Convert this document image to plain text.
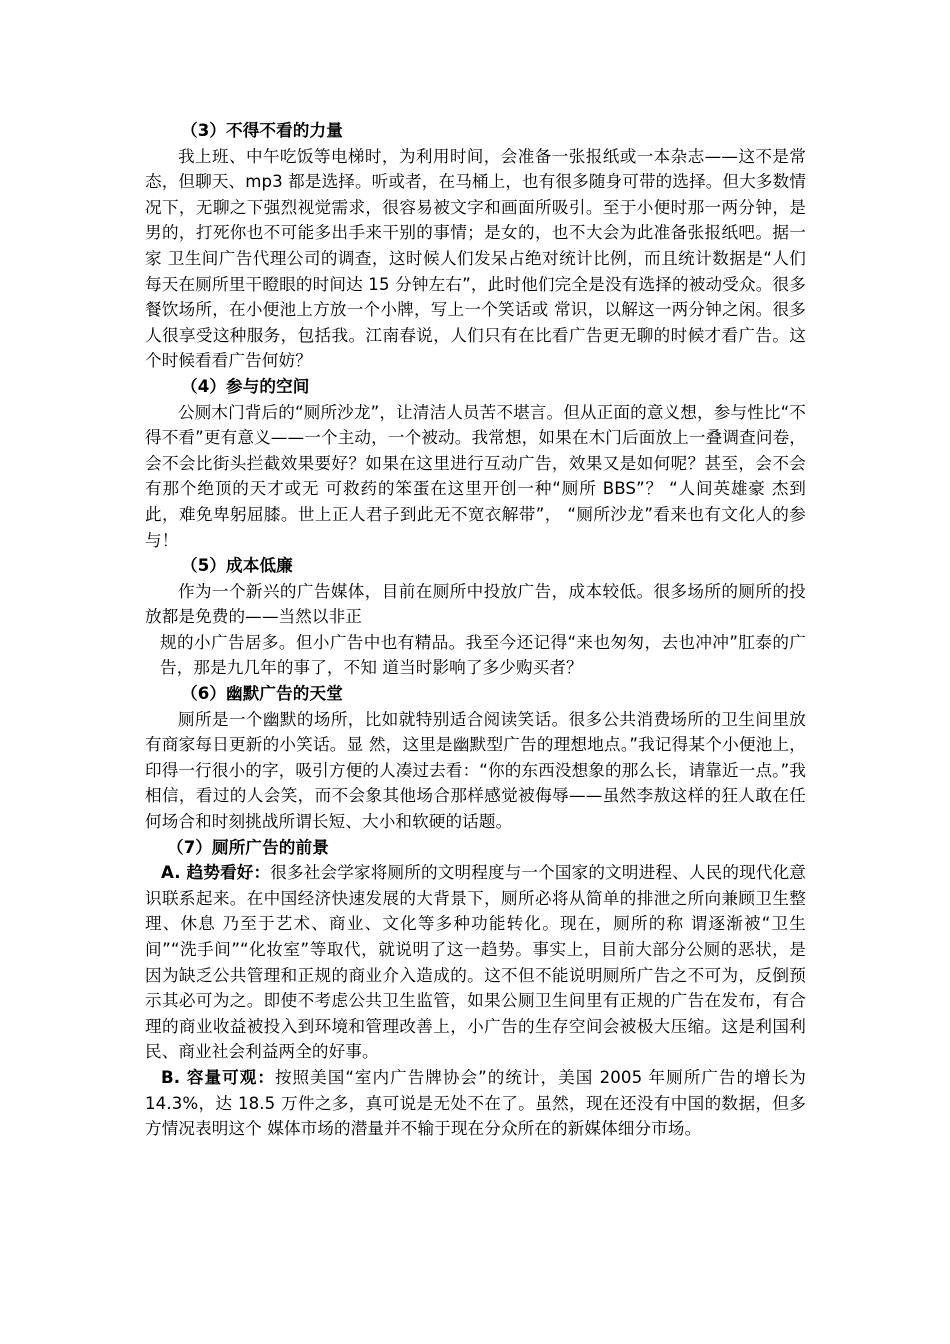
（3）不得不看的力量

我上班、中午吃饭等电梯时，为利用时间，会准备一张报纸或一本杂志——这不是常态，但聊天、mp3 都是选择。听或者，在马桶上，也有很多随身可带的选择。但大多数情况下，无聊之下强烈视觉需求，很容易被文字和画面所吸引。至于小便时那一两分钟，是男的，打死你也不可能多出手来干别的事情；是女的，也不大会为此准备张报纸吧。据一家 卫生间广告代理公司的调查，这时候人们发呆占绝对统计比例，而且统计数据是“人们每天在厕所里干瞪眼的时间达 15 分钟左右”，此时他们完全是没有选择的被动受众。很多餐饮场所，在小便池上方放一个小牌，写上一个笑话或 常识，以解这一两分钟之闲。很多人很享受这种服务，包括我。江南春说，人们只有在比看广告更无聊的时候才看广告。这个时候看看广告何妨？

（4）参与的空间

公厕木门背后的“厕所沙龙”，让清洁人员苦不堪言。但从正面的意义想，参与性比“不得不看”更有意义——一个主动，一个被动。我常想，如果在木门后面放上一叠调查问卷，会不会比街头拦截效果要好？如果在这里进行互动广告，效果又是如何呢？甚至，会不会有那个绝顶的天才或无 可救药的笨蛋在这里开创一种“厕所 BBS”？ “人间英雄豪 杰到此，难免卑躬屈膝。世上正人君子到此无不宽衣解带”， “厕所沙龙”看来也有文化人的参与！

（5）成本低廉

作为一个新兴的广告媒体，目前在厕所中投放广告，成本较低。很多场所的厕所的投放都是免费的——当然以非正

规的小广告居多。但小广告中也有精品。我至今还记得“来也匆匆，去也冲冲”肛泰的广告，那是九几年的事了，不知 道当时影响了多少购买者？

（6）幽默广告的天堂

厕所是一个幽默的场所，比如就特别适合阅读笑话。很多公共消费场所的卫生间里放有商家每日更新的小笑话。显 然，这里是幽默型广告的理想地点。”我记得某个小便池上，印得一行很小的字，吸引方便的人凑过去看：“你的东西没想象的那么长，请靠近一点。”我相信，看过的人会笑，而不会象其他场合那样感觉被侮辱——虽然李敖这样的狂人敢在任何场合和时刻挑战所谓长短、大小和软硬的话题。

（7）厕所广告的前景

A. 趋势看好：很多社会学家将厕所的文明程度与一个国家的文明进程、人民的现代化意识联系起来。在中国经济快速发展的大背景下，厕所必将从简单的排泄之所向兼顾卫生整理、休息 乃至于艺术、商业、文化等多种功能转化。现在，厕所的称 谓逐渐被“卫生间”“洗手间”“化妆室”等取代，就说明了这一趋势。事实上，目前大部分公厕的恶状，是因为缺乏公共管理和正规的商业介入造成的。这不但不能说明厕所广告之不可为，反倒预示其必可为之。即使不考虑公共卫生监管，如果公厕卫生间里有正规的广告在发布，有合理的商业收益被投入到环境和管理改善上，小广告的生存空间会被极大压缩。这是利国利民、商业社会利益两全的好事。

B. 容量可观：按照美国“室内广告牌协会”的统计，美国 2005 年厕所广告的增长为 14.3%，达 18.5 万件之多，真可说是无处不在了。虽然，现在还没有中国的数据，但多方情况表明这个 媒体市场的潜量并不输于现在分众所在的新媒体细分市场。
